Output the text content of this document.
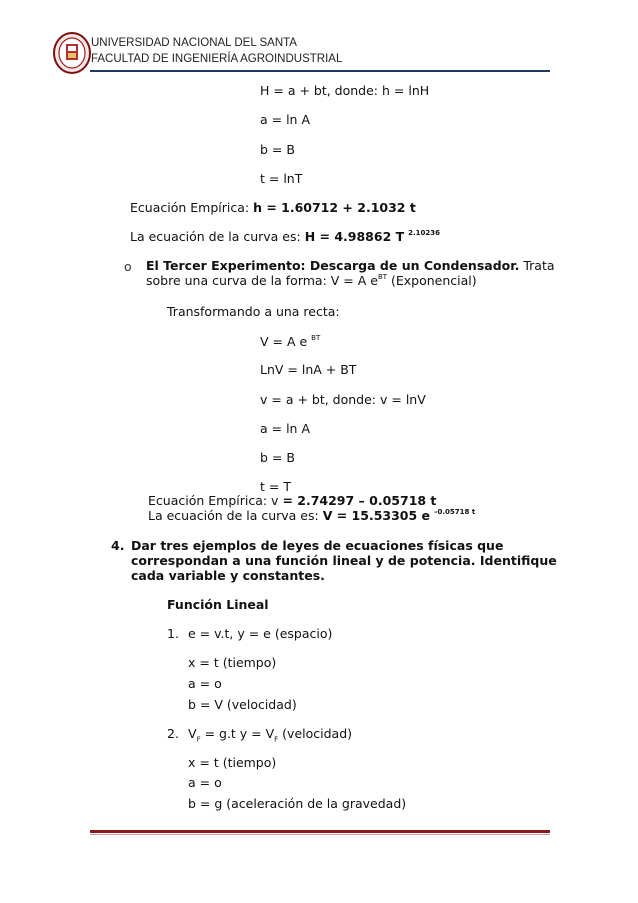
UNIVERSIDAD NACIONAL DEL SANTA
FACULTAD DE INGENIERÍA AGROINDUSTRIAL
H = a + bt, donde: h = lnH
a = ln A
b = B
t = lnT
Ecuación Empírica: h = 1.60712 + 2.1032 t
La ecuación de la curva es: H = 4.98862 T $^{2.10236}$
o El Tercer Experimento: Descarga de un Condensador. Trata
sobre una curva de la forma: V = A $e^{BT}$ (Exponencial)
Transformando a una recta:
V = A e $^{BT}$
LnV = lnA + BT
v = a + bt, donde: v = lnV
a = ln A
b = B
t = T
Ecuación Empírica: v = 2.74297 – 0.05718 t
La ecuación de la curva es: V = 15.53305 e $^{-0.05718 t}$
4. Dar tres ejemplos de leyes de ecuaciones físicas que
correspondan a una función lineal y de potencia. Identifique
cada variable y constantes.
Función Lineal
1. e = v.t, y = e (espacio)
x = t (tiempo)
a = o
b = V (velocidad)
2. $V_F = g.t$ $y = V_F$ (velocidad)
x = t (tiempo)
a = o
b = g (aceleración de la gravedad)
